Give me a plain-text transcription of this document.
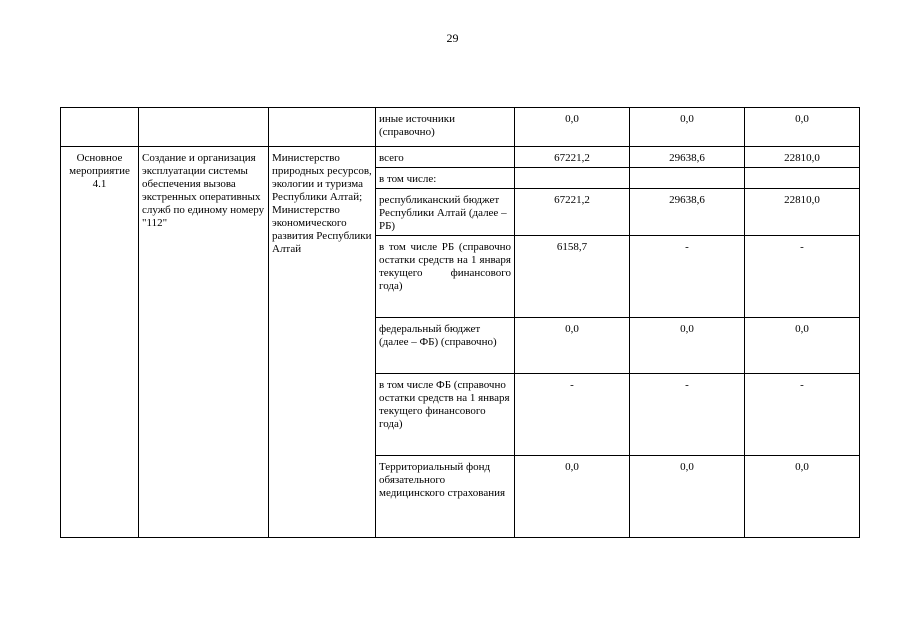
29
			иные источники (справочно)	0,0	0,0	0,0
Основное мероприятие 4.1	Создание и организация эксплуатации системы обеспечения вызова экстренных оперативных служб по единому номеру "112"	Министерство природных ресурсов, экологии и туризма Республики Алтай; Министерство экономического развития Республики Алтай	всего	67221,2	29638,6	22810,0
			в том числе:			
			республиканский бюджет Республики Алтай (далее – РБ)	67221,2	29638,6	22810,0
			в том числе РБ (справочно остатки средств на 1 января текущего финансового года)	6158,7	-	-
			федеральный бюджет (далее – ФБ) (справочно)	0,0	0,0	0,0
			в том числе ФБ (справочно остатки средств на 1 января текущего финансового года)	-	-	-
			Территориальный фонд обязательного медицинского страхования	0,0	0,0	0,0
